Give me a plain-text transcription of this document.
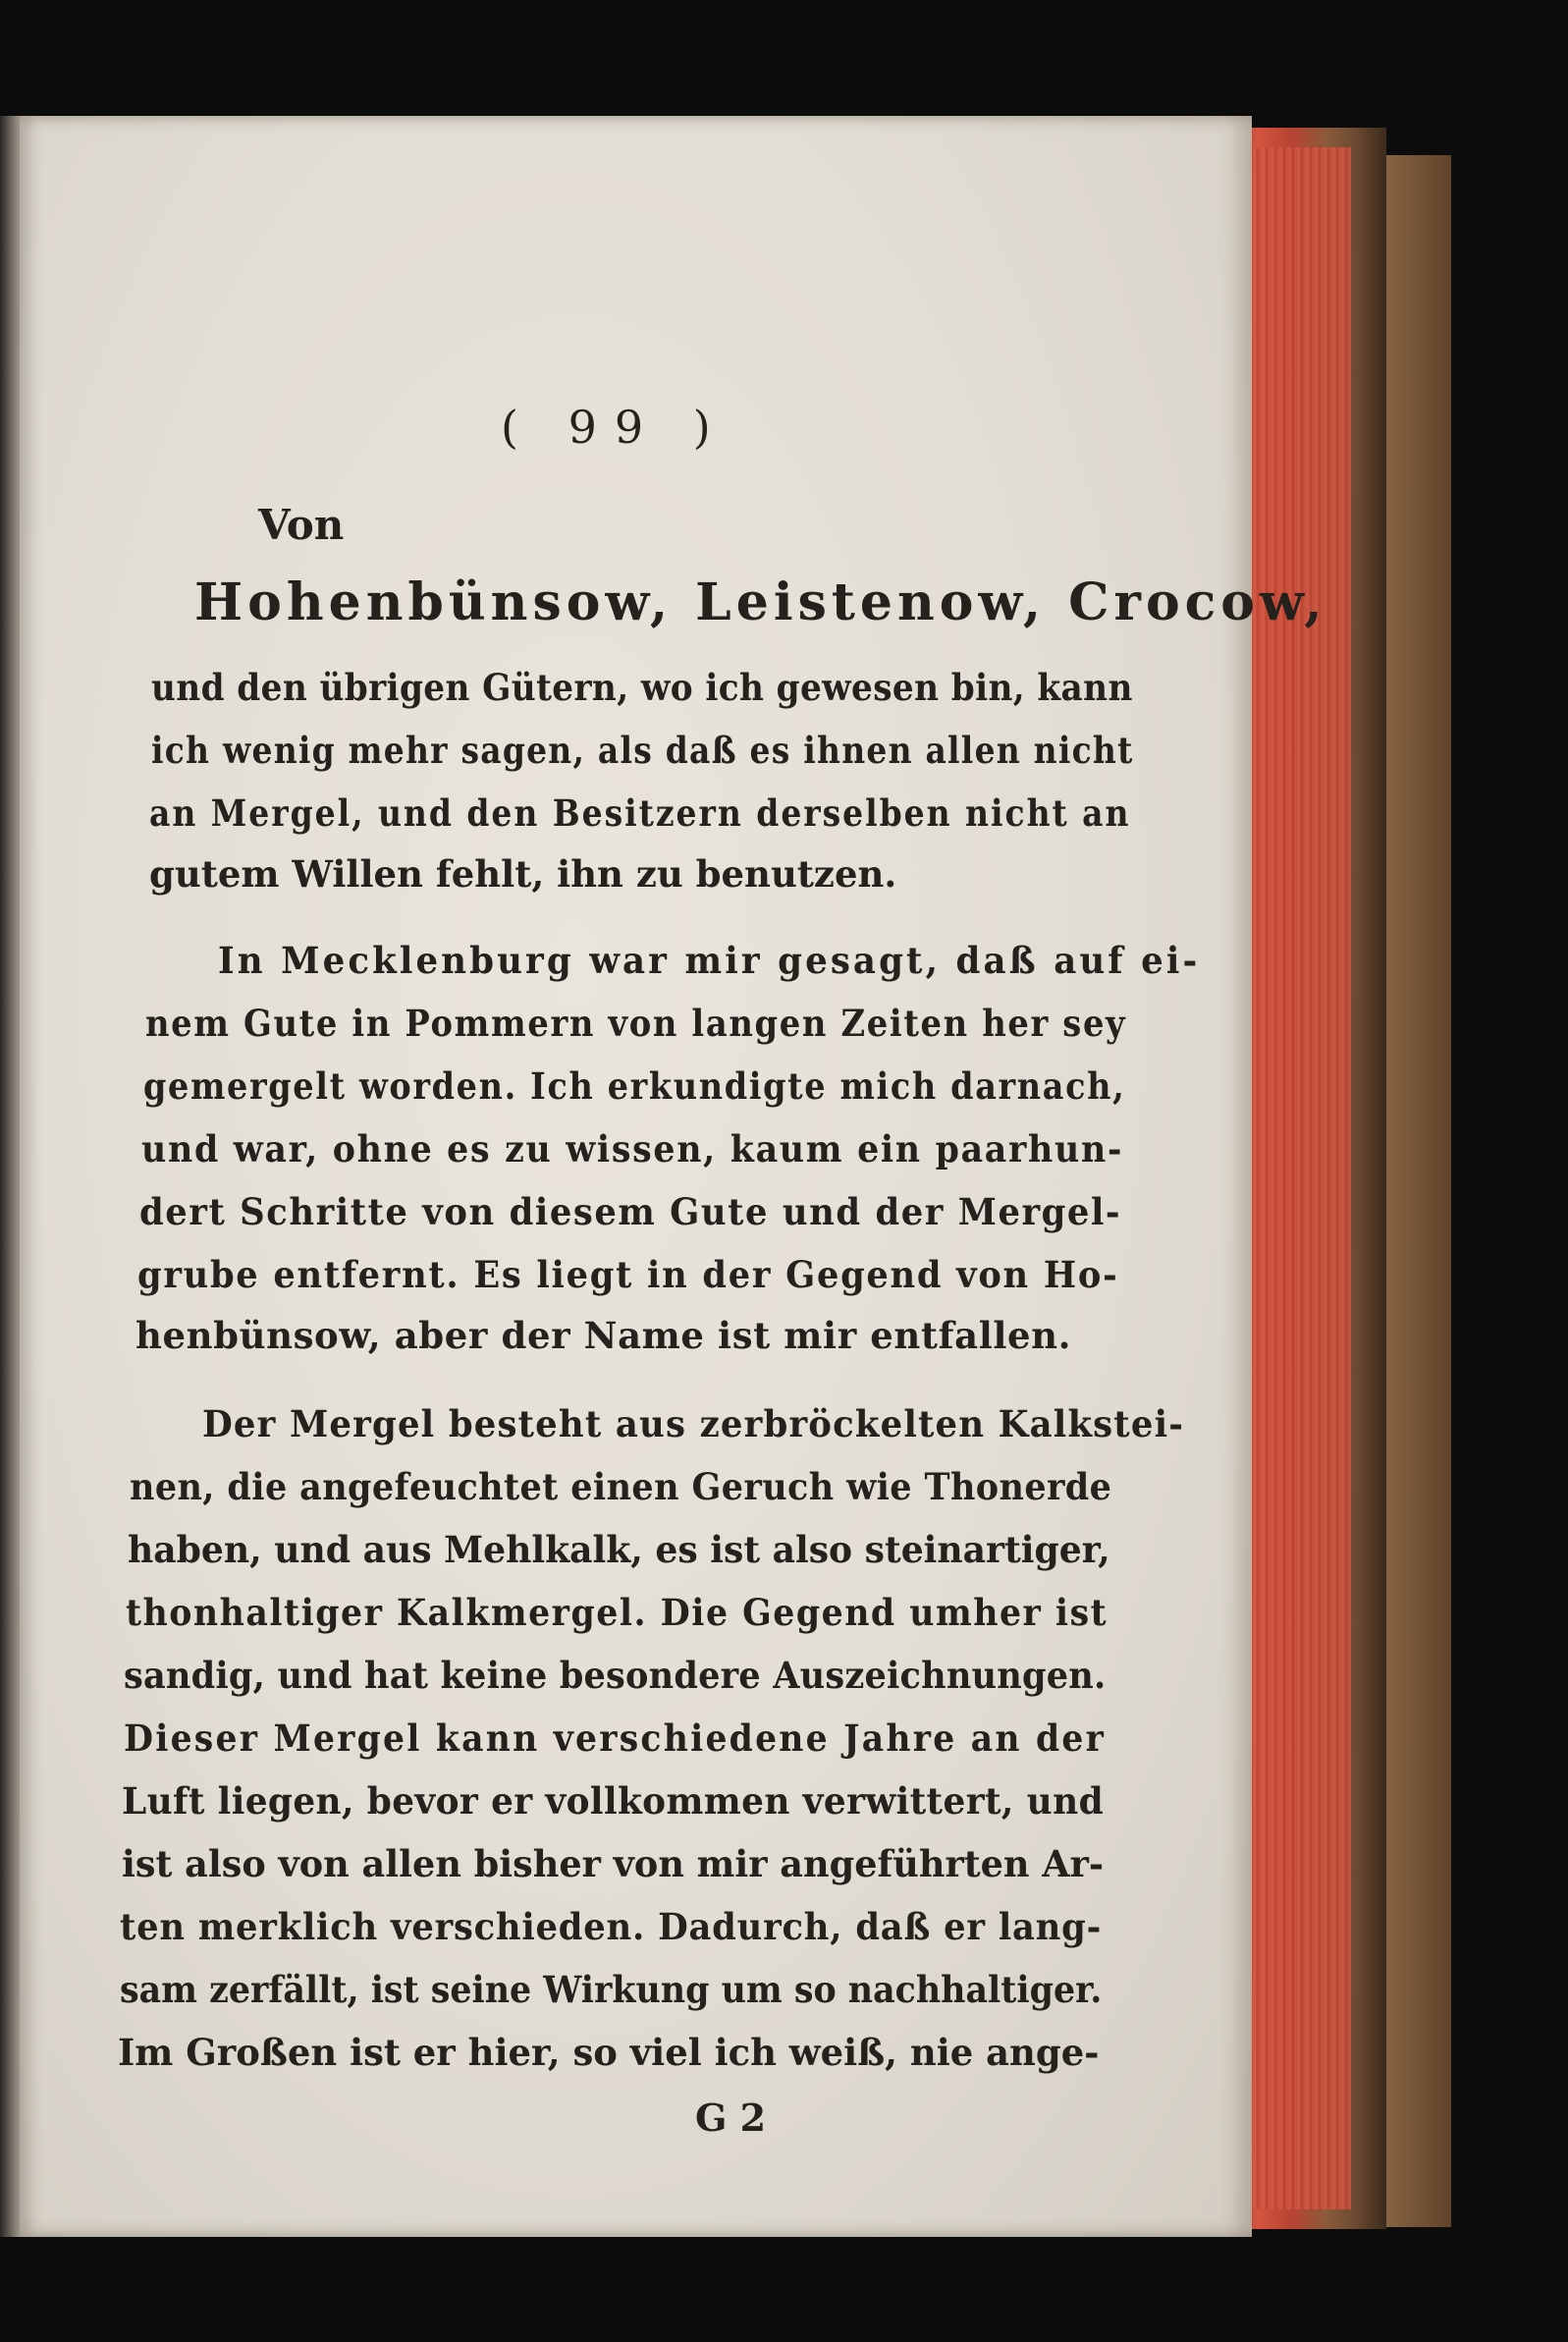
( 99 )
Von
Hohenbünsow, Leistenow, Crocow,
und den übrigen Gütern, wo ich gewesen bin, kann
ich wenig mehr sagen, als daß es ihnen allen nicht
an Mergel, und den Besitzern derselben nicht an
gutem Willen fehlt, ihn zu benutzen.
In Mecklenburg war mir gesagt, daß auf ei-
nem Gute in Pommern von langen Zeiten her sey
gemergelt worden. Ich erkundigte mich darnach,
und war, ohne es zu wissen, kaum ein paarhun-
dert Schritte von diesem Gute und der Mergel-
grube entfernt. Es liegt in der Gegend von Ho-
henbünsow, aber der Name ist mir entfallen.
Der Mergel besteht aus zerbröckelten Kalkstei-
nen, die angefeuchtet einen Geruch wie Thonerde
haben, und aus Mehlkalk, es ist also steinartiger,
thonhaltiger Kalkmergel. Die Gegend umher ist
sandig, und hat keine besondere Auszeichnungen.
Dieser Mergel kann verschiedene Jahre an der
Luft liegen, bevor er vollkommen verwittert, und
ist also von allen bisher von mir angeführten Ar-
ten merklich verschieden. Dadurch, daß er lang-
sam zerfällt, ist seine Wirkung um so nachhaltiger.
Im Großen ist er hier, so viel ich weiß, nie ange-
G 2
